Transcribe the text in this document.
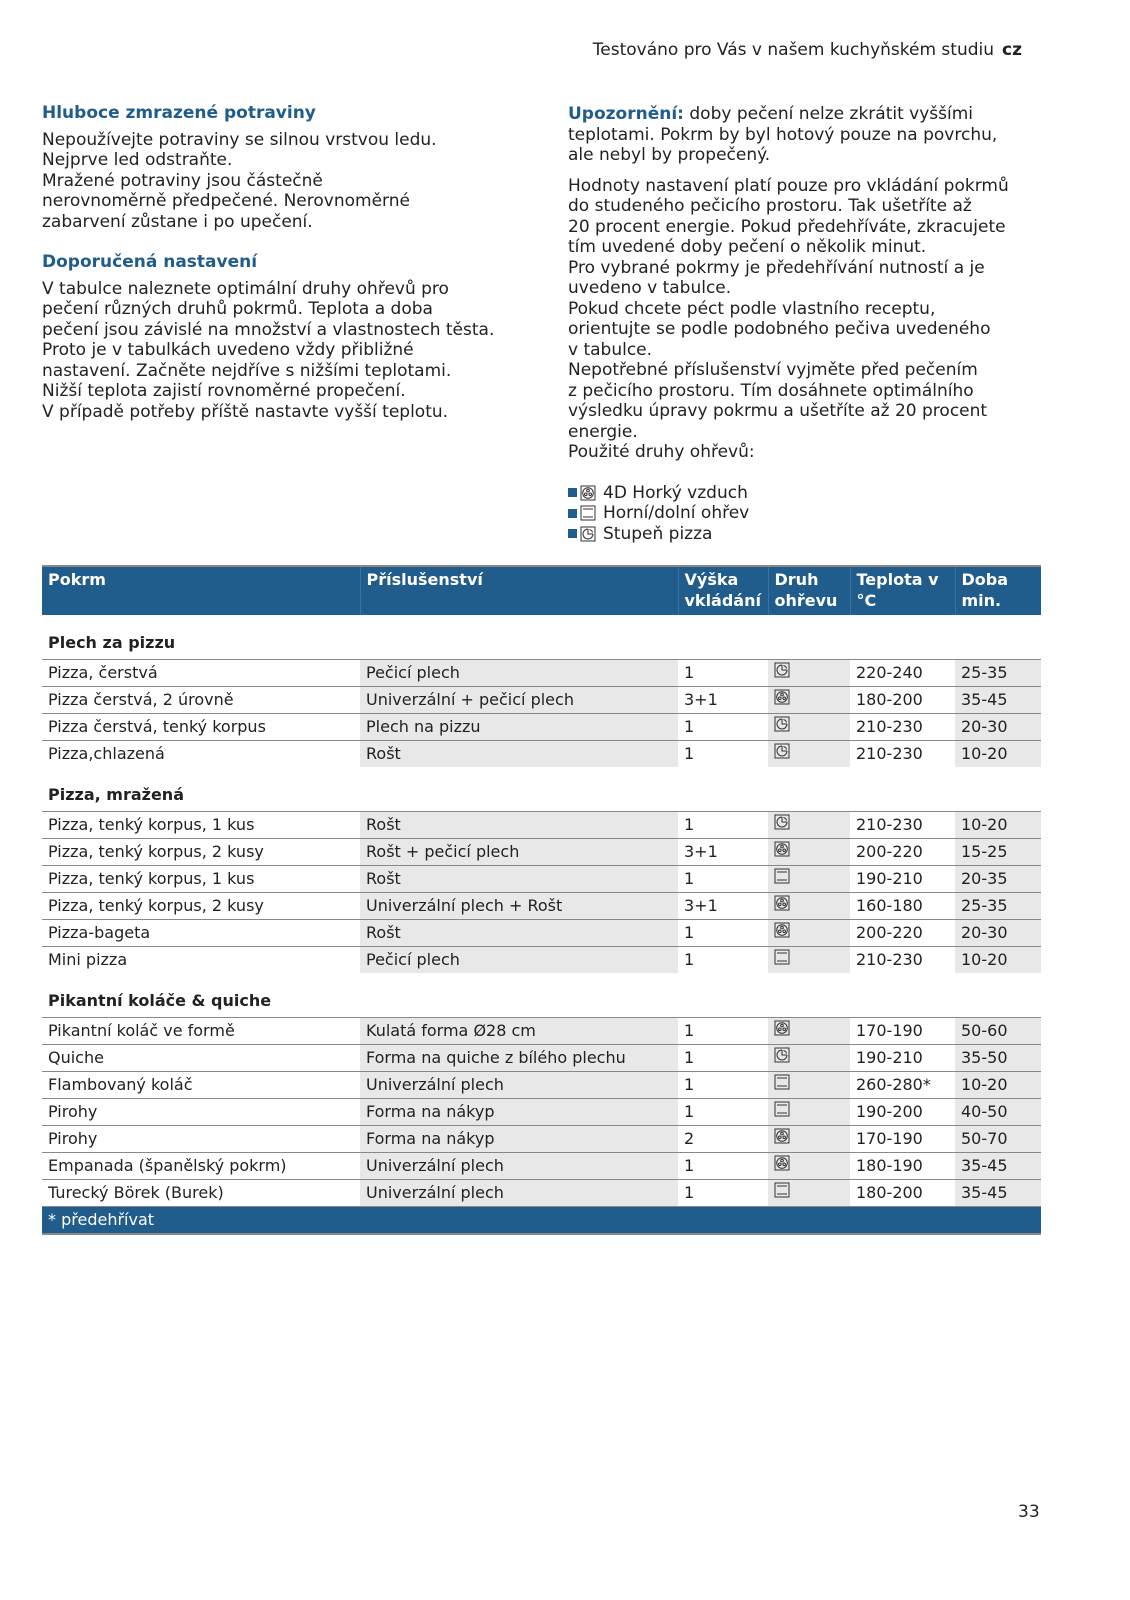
Testováno pro Vás v našem kuchyňském studiu cz
Hluboce zmrazené potraviny

Nepoužívejte potraviny se silnou vrstvou ledu.
Nejprve led odstraňte.
Mražené potraviny jsou částečně
nerovnoměrně předpečené. Nerovnoměrné
zabarvení zůstane i po upečení.

Doporučená nastavení

V tabulce naleznete optimální druhy ohřevů pro
pečení různých druhů pokrmů. Teplota a doba
pečení jsou závislé na množství a vlastnostech těsta.
Proto je v tabulkách uvedeno vždy přibližné
nastavení. Začněte nejdříve s nižšími teplotami.
Nižší teplota zajistí rovnoměrné propečení.
V případě potřeby příště nastavte vyšší teplotu.

Upozornění: doby pečení nelze zkrátit vyššími
teplotami. Pokrm by byl hotový pouze na povrchu,
ale nebyl by propečený.

Hodnoty nastavení platí pouze pro vkládání pokrmů
do studeného pečicího prostoru. Tak ušetříte až
20 procent energie. Pokud předehříváte, zkracujete
tím uvedené doby pečení o několik minut.
Pro vybrané pokrmy je předehřívání nutností a je
uvedeno v tabulce.
Pokud chcete péct podle vlastního receptu,
orientujte se podle podobného pečiva uvedeného
v tabulce.
Nepotřebné příslušenství vyjměte před pečením
z pečicího prostoru. Tím dosáhnete optimálního
výsledku úpravy pokrmu a ušetříte až 20 procent
energie.

Použité druhy ohřevů:

4D Horký vzduch
Horní/dolní ohřev
Stupeň pizza
Pokrm	Příslušenství	Výška vkládání	Druh ohřevu	Teplota v °C	Doba min.
Plech za pizzu					
Pizza, čerstvá	Pečicí plech	1		220-240	25-35
Pizza čerstvá, 2 úrovně	Univerzální + pečicí plech	3+1		180-200	35-45
Pizza čerstvá, tenký korpus	Plech na pizzu	1		210-230	20-30
Pizza,chlazená	Rošt	1		210-230	10-20
Pizza, mražená					
Pizza, tenký korpus, 1 kus	Rošt	1		210-230	10-20
Pizza, tenký korpus, 2 kusy	Rošt + pečicí plech	3+1		200-220	15-25
Pizza, tenký korpus, 1 kus	Rošt	1		190-210	20-35
Pizza, tenký korpus, 2 kusy	Univerzální plech + Rošt	3+1		160-180	25-35
Pizza-bageta	Rošt	1		200-220	20-30
Mini pizza	Pečicí plech	1		210-230	10-20
Pikantní koláče & quiche					
Pikantní koláč ve formě	Kulatá forma Ø28 cm	1		170-190	50-60
Quiche	Forma na quiche z bílého plechu	1		190-210	35-50
Flambovaný koláč	Univerzální plech	1		260-280*	10-20
Pirohy	Forma na nákyp	1		190-200	40-50
Pirohy	Forma na nákyp	2		170-190	50-70
Empanada (španělský pokrm)	Univerzální plech	1		180-190	35-45
Turecký Börek (Burek)	Univerzální plech	1		180-200	35-45
* předehřívat					
33
